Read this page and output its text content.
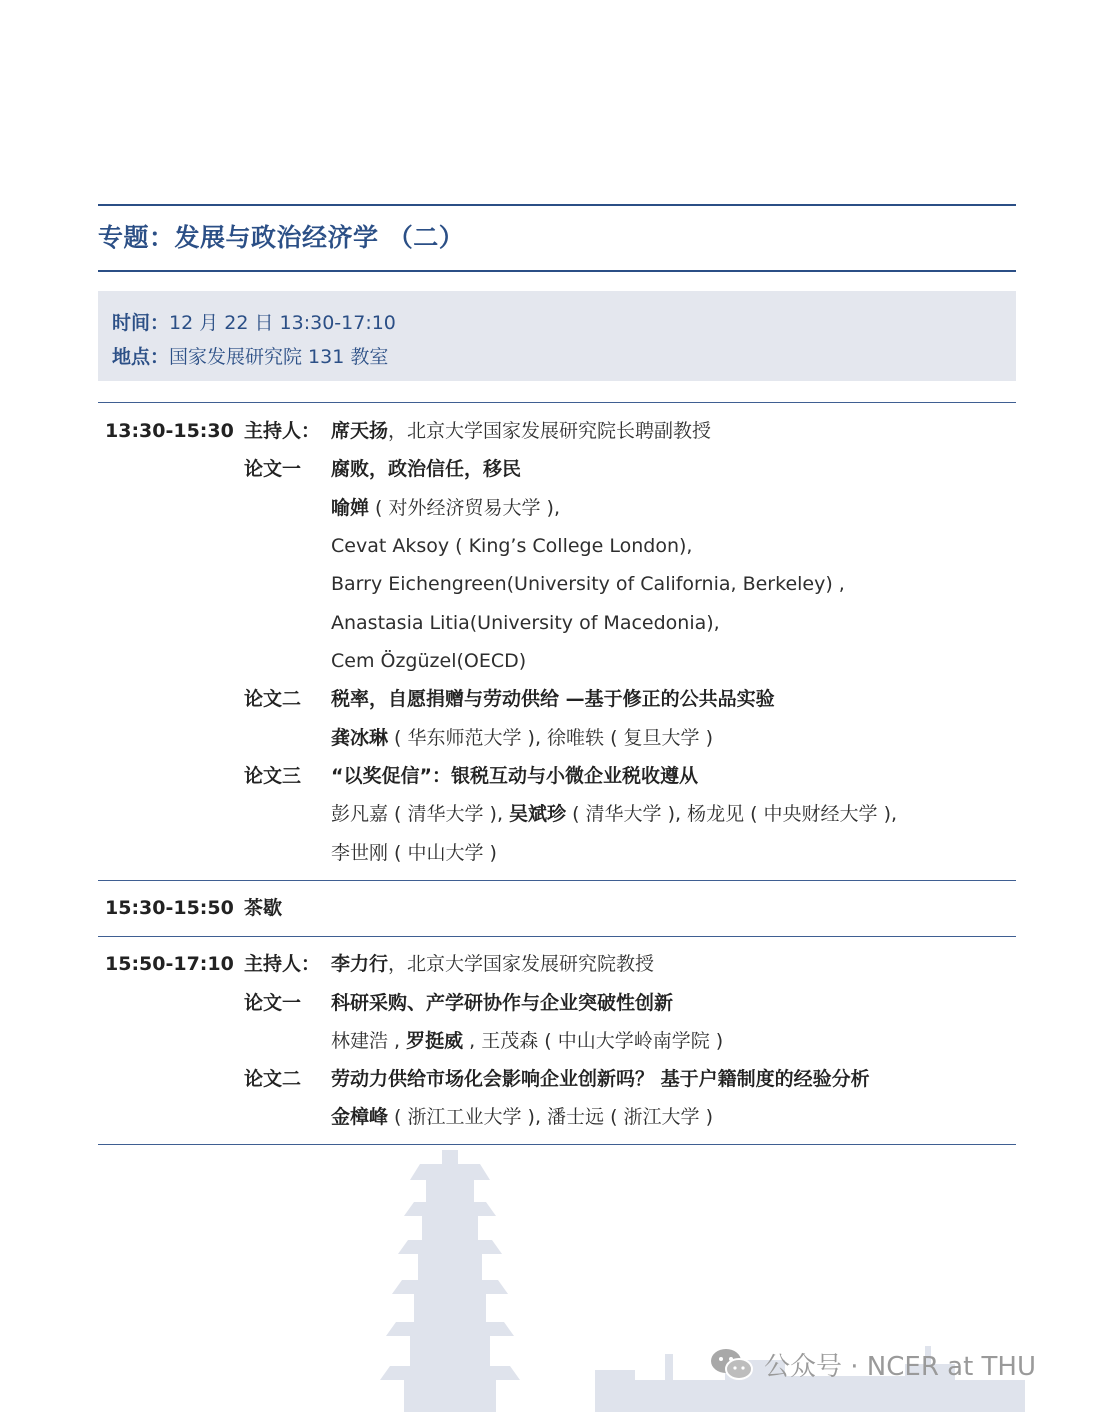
专题：发展与政治经济学 （二）
时间：12 月 22 日 13:30-17:10
地点：国家发展研究院 131 教室
13:30-15:30 主持人： 席天扬，北京大学国家发展研究院长聘副教授
论文一 腐败，政治信任，移民
喻婵 ( 对外经济贸易大学 ),
Cevat Aksoy ( King’s College London),
Barry Eichengreen(University of California, Berkeley) ,
Anastasia Litia(University of Macedonia),
Cem Özgüzel(OECD)
论文二 税率，自愿捐赠与劳动供给 —基于修正的公共品实验
龚冰琳 ( 华东师范大学 ), 徐唯轶 ( 复旦大学 )
论文三 “以奖促信”：银税互动与小微企业税收遵从
彭凡嘉 ( 清华大学 ), 吴斌珍 ( 清华大学 ), 杨龙见 ( 中央财经大学 ),
李世刚 ( 中山大学 )
15:30-15:50 茶歇
15:50-17:10 主持人： 李力行，北京大学国家发展研究院教授
论文一 科研采购、产学研协作与企业突破性创新
林建浩 , 罗挺威 , 王茂森 ( 中山大学岭南学院 )
论文二 劳动力供给市场化会影响企业创新吗？ 基于户籍制度的经验分析
金樟峰 ( 浙江工业大学 ), 潘士远 ( 浙江大学 )
公众号 · NCER at THU
